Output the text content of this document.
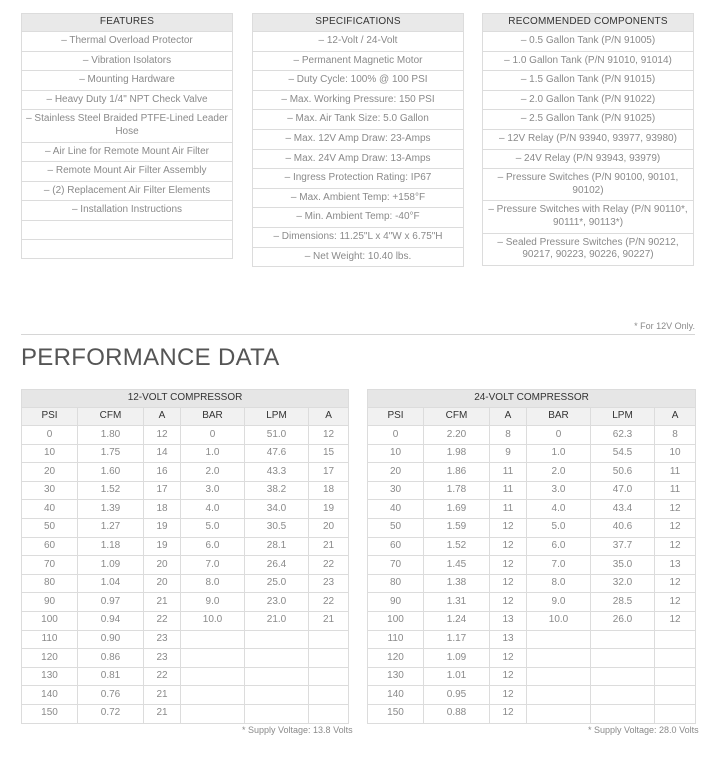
FEATURES
– Thermal Overload Protector
– Vibration Isolators
– Mounting Hardware
– Heavy Duty 1/4" NPT Check Valve
– Stainless Steel Braided PTFE-Lined Leader Hose
– Air Line for Remote Mount Air Filter
– Remote Mount Air Filter Assembly
– (2) Replacement Air Filter Elements
– Installation Instructions

SPECIFICATIONS
– 12-Volt / 24-Volt
– Permanent Magnetic Motor
– Duty Cycle: 100% @ 100 PSI
– Max. Working Pressure: 150 PSI
– Max. Air Tank Size: 5.0 Gallon
– Max. 12V Amp Draw: 23-Amps
– Max. 24V Amp Draw: 13-Amps
– Ingress Protection Rating: IP67
– Max. Ambient Temp: +158°F
– Min. Ambient Temp: -40°F
– Dimensions: 11.25"L x 4"W x 6.75"H
– Net Weight: 10.40 lbs.
RECOMMENDED COMPONENTS
– 0.5 Gallon Tank (P/N 91005)
– 1.0 Gallon Tank (P/N 91010, 91014)
– 1.5 Gallon Tank (P/N 91015)
– 2.0 Gallon Tank (P/N 91022)
– 2.5 Gallon Tank (P/N 91025)
– 12V Relay (P/N 93940, 93977, 93980)
– 24V Relay (P/N 93943, 93979)
– Pressure Switches (P/N 90100, 90101, 90102)
– Pressure Switches with Relay (P/N 90110*, 90111*, 90113*)
– Sealed Pressure Switches (P/N 90212, 90217, 90223, 90226, 90227)
* For 12V Only.
PERFORMANCE DATA
12-VOLT COMPRESSOR					
PSI	CFM	A	BAR	LPM	A
0	1.80	12	0	51.0	12
10	1.75	14	1.0	47.6	15
20	1.60	16	2.0	43.3	17
30	1.52	17	3.0	38.2	18
40	1.39	18	4.0	34.0	19
50	1.27	19	5.0	30.5	20
60	1.18	19	6.0	28.1	21
70	1.09	20	7.0	26.4	22
80	1.04	20	8.0	25.0	23
90	0.97	21	9.0	23.0	22
100	0.94	22	10.0	21.0	21
110	0.90	23			
120	0.86	23			
130	0.81	22			
140	0.76	21			
150	0.72	21			
* Supply Voltage: 13.8 Volts
24-VOLT COMPRESSOR					
PSI	CFM	A	BAR	LPM	A
0	2.20	8	0	62.3	8
10	1.98	9	1.0	54.5	10
20	1.86	11	2.0	50.6	11
30	1.78	11	3.0	47.0	11
40	1.69	11	4.0	43.4	12
50	1.59	12	5.0	40.6	12
60	1.52	12	6.0	37.7	12
70	1.45	12	7.0	35.0	13
80	1.38	12	8.0	32.0	12
90	1.31	12	9.0	28.5	12
100	1.24	13	10.0	26.0	12
110	1.17	13			
120	1.09	12			
130	1.01	12			
140	0.95	12			
150	0.88	12			
* Supply Voltage: 28.0 Volts
